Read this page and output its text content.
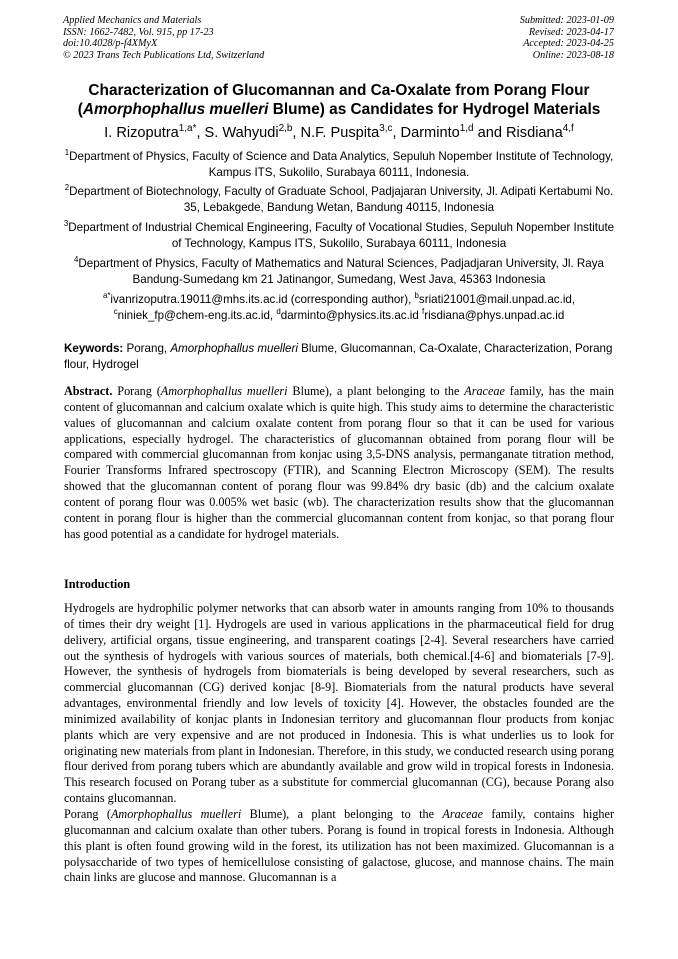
Applied Mechanics and Materials
ISSN: 1662-7482, Vol. 915, pp 17-23
doi:10.4028/p-f4XMyX
© 2023 Trans Tech Publications Ltd, Switzerland
Submitted: 2023-01-09
Revised: 2023-04-17
Accepted: 2023-04-25
Online: 2023-08-18
Characterization of Glucomannan and Ca-Oxalate from Porang Flour
(Amorphophallus muelleri Blume) as Candidates for Hydrogel Materials
I. Rizoputra$^{1,a*}$, S. Wahyudi$^{2,b}$, N.F. Puspita$^{3,c}$, Darminto$^{1,d}$ and Risdiana$^{4,f}$
$^1$Department of Physics, Faculty of Science and Data Analytics, Sepuluh Nopember Institute of Technology, Kampus ITS, Sukolilo, Surabaya 60111, Indonesia.
$^2$Department of Biotechnology, Faculty of Graduate School, Padjajaran University, Jl. Adipati Kertabumi No. 35, Lebakgede, Bandung Wetan, Bandung 40115, Indonesia
$^3$Department of Industrial Chemical Engineering, Faculty of Vocational Studies, Sepuluh Nopember Institute of Technology, Kampus ITS, Sukolilo, Surabaya 60111, Indonesia
$^4$Department of Physics, Faculty of Mathematics and Natural Sciences, Padjadjaran University, Jl. Raya Bandung-Sumedang km 21 Jatinangor, Sumedang, West Java, 45363 Indonesia
$^{a*}$ivanrizoputra.19011@mhs.its.ac.id (corresponding author), $^b$sriati21001@mail.unpad.ac.id,
$^c$niniek_fp@chem-eng.its.ac.id, $^d$darminto@physics.its.ac.id $^f$risdiana@phys.unpad.ac.id
Keywords: Porang, Amorphophallus muelleri Blume, Glucomannan, Ca-Oxalate, Characterization, Porang flour, Hydrogel
Abstract. Porang (Amorphophallus muelleri Blume), a plant belonging to the Araceae family, has the main content of glucomannan and calcium oxalate which is quite high. This study aims to determine the characteristic values of glucomannan and calcium oxalate content from porang flour so that it can be used for various applications, especially hydrogel. The characteristics of glucomannan obtained from porang flour will be compared with commercial glucomannan from konjac using 3,5-DNS analysis, permanganate titration method, Fourier Transforms Infrared spectroscopy (FTIR), and Scanning Electron Microscopy (SEM). The results showed that the glucomannan content of porang flour was 99.84% dry basic (db) and the calcium oxalate content of porang flour was 0.005% wet basic (wb). The characterization results show that the glucomannan content in porang flour is higher than the commercial glucomannan content from konjac, so that porang flour has good potential as a candidate for hydrogel materials.
Introduction

Hydrogels are hydrophilic polymer networks that can absorb water in amounts ranging from 10% to thousands of times their dry weight [1]. Hydrogels are used in various applications in the pharmaceutical field for drug delivery, artificial organs, tissue engineering, and transparent coatings [2-4]. Several researchers have carried out the synthesis of hydrogels with various sources of materials, both chemical.[4-6] and biomaterials [7-9]. However, the synthesis of hydrogels from biomaterials is being developed by several researchers, such as commercial glucomannan (CG) derived konjac [8-9]. Biomaterials from the natural products have several advantages, environmental friendly and low levels of toxicity [4]. However, the obstacles founded are the minimized availability of konjac plants in Indonesian territory and glucomannan flour products from konjac plants which are very expensive and are not produced in Indonesia. This is what underlies us to look for originating new materials from plant in Indonesian. Therefore, in this study, we conducted research using porang flour derived from porang tubers which are abundantly available and grow wild in tropical forests in Indonesia. This research focused on Porang tuber as a substitute for commercial glucomannan (CG), because Porang also contains glucomannan.

Porang (Amorphophallus muelleri Blume), a plant belonging to the Araceae family, contains higher glucomannan and calcium oxalate than other tubers. Porang is found in tropical forests in Indonesia. Although this plant is often found growing wild in the forest, its utilization has not been maximized. Glucomannan is a polysaccharide of two types of hemicellulose consisting of galactose, glucose, and mannose chains. The main chain links are glucose and mannose. Glucomannan is a
